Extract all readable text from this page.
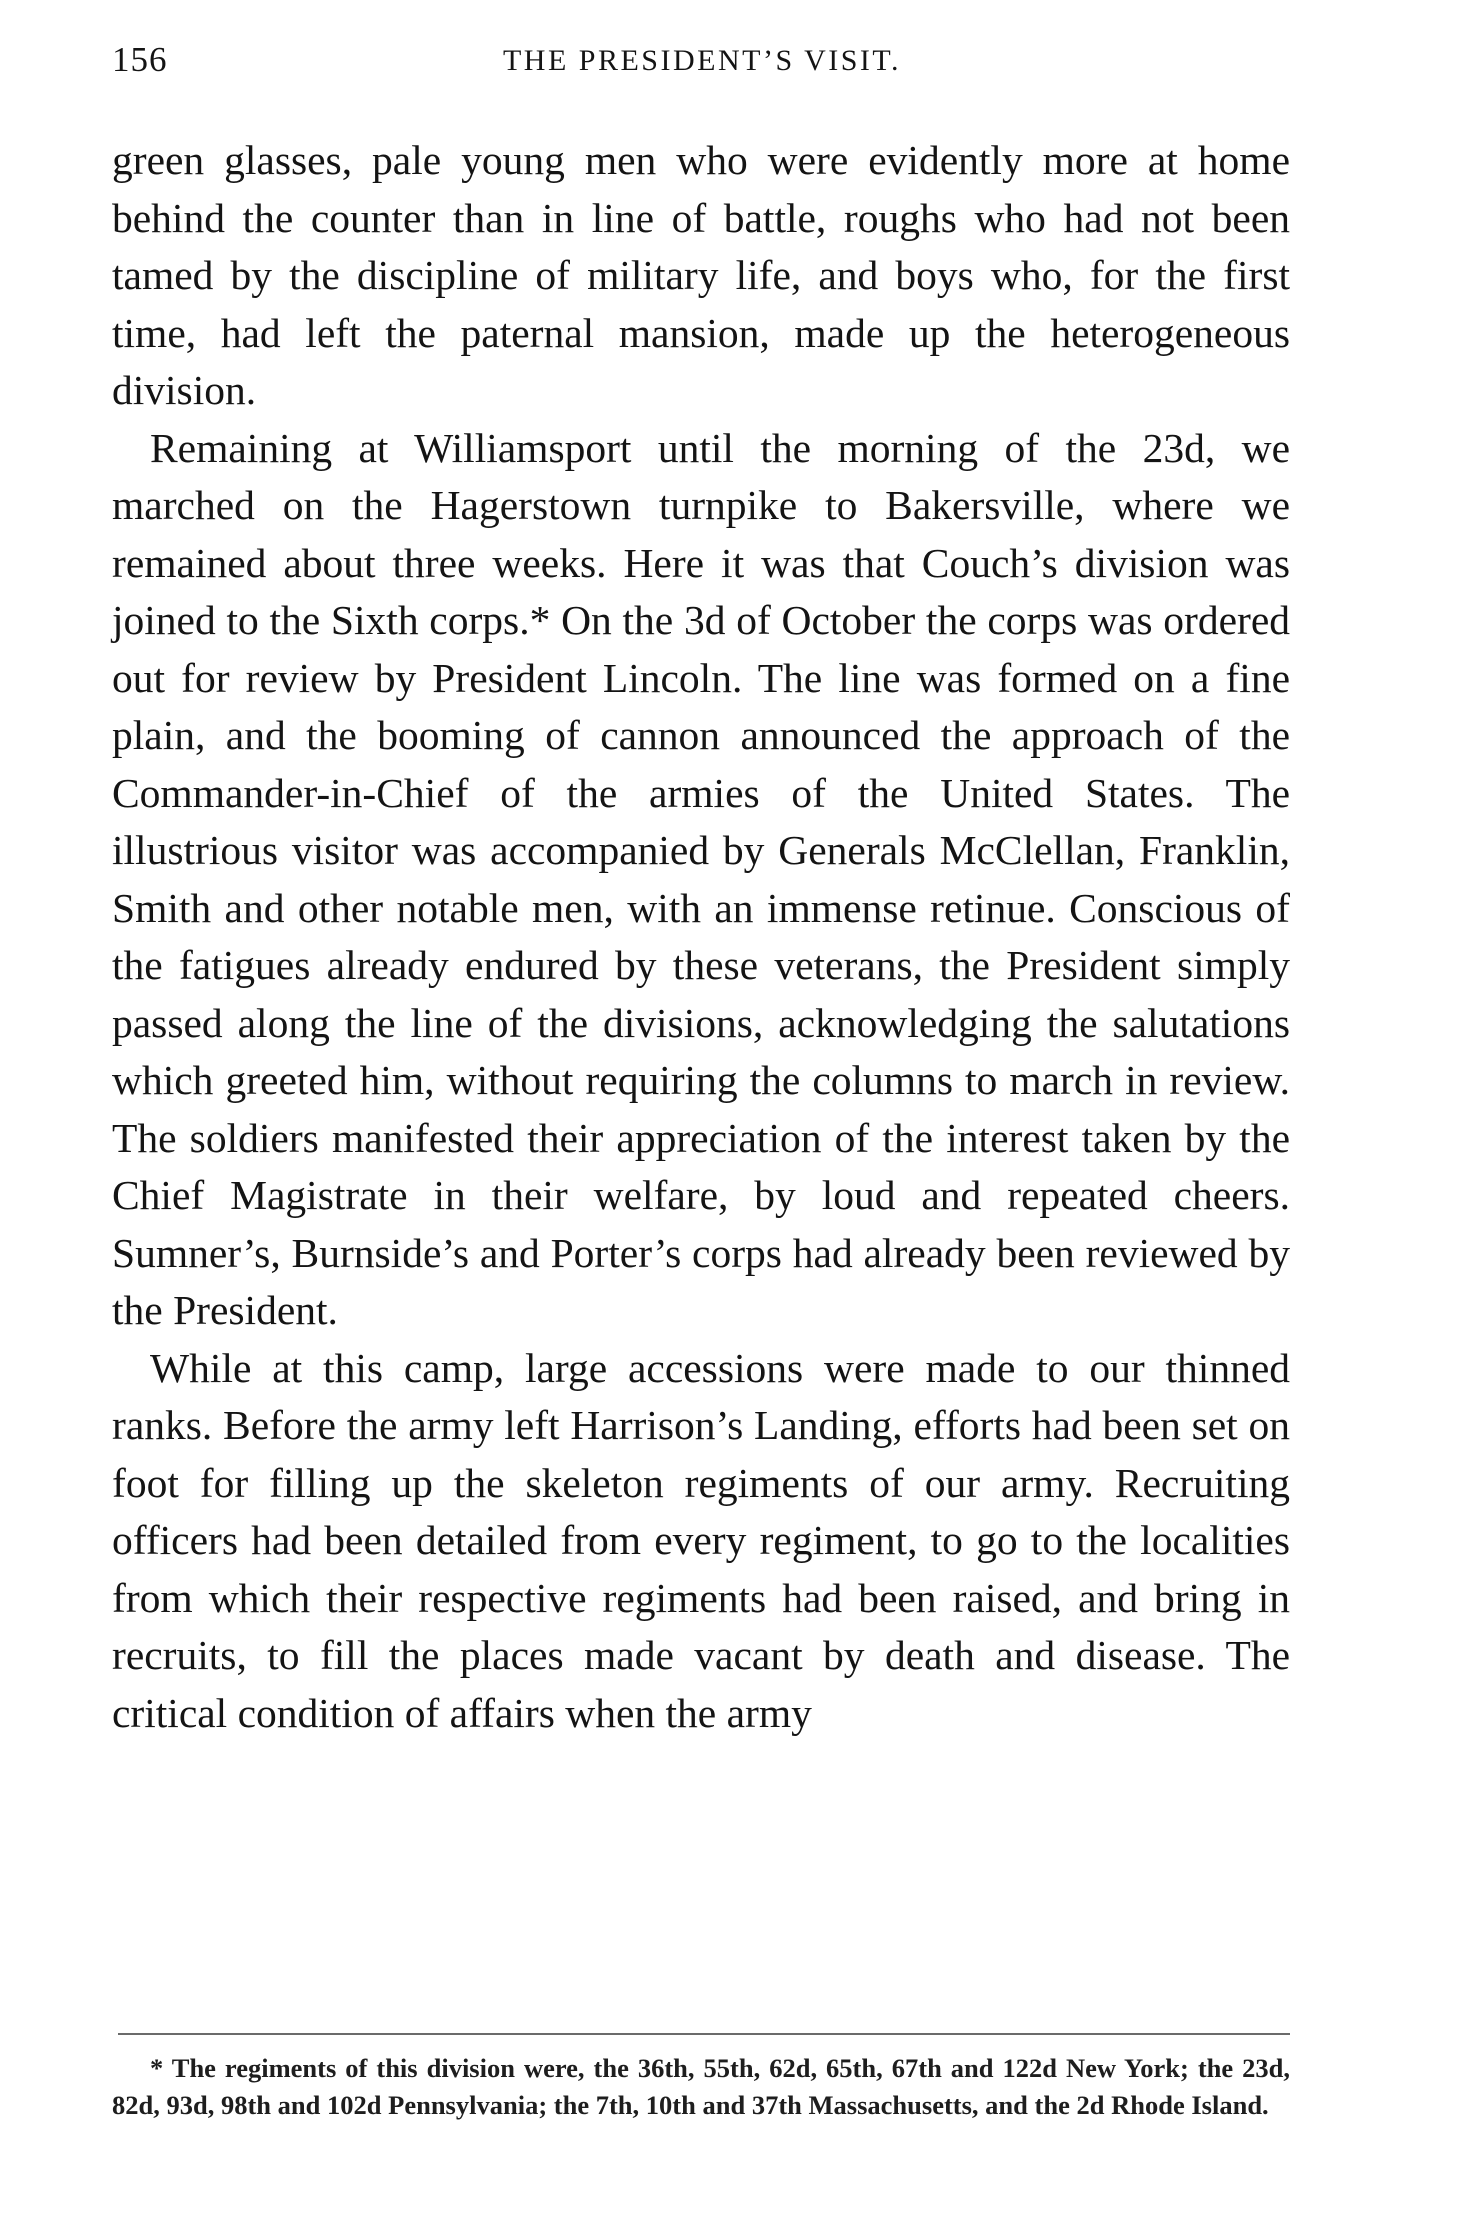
156	THE PRESIDENT’S VISIT.

green glasses, pale young men who were evidently more at home behind the counter than in line of battle, roughs who had not been tamed by the discipline of military life, and boys who, for the first time, had left the paternal mansion, made up the heterogeneous division.

Remaining at Williamsport until the morning of the 23d, we marched on the Hagerstown turnpike to Bakersville, where we remained about three weeks. Here it was that Couch’s division was joined to the Sixth corps.* On the 3d of October the corps was ordered out for review by President Lincoln. The line was formed on a fine plain, and the booming of cannon announced the approach of the Commander-in-Chief of the armies of the United States. The illustrious visitor was accompanied by Generals McClellan, Franklin, Smith and other notable men, with an immense retinue. Conscious of the fatigues already endured by these veterans, the President simply passed along the line of the divisions, acknowledging the salutations which greeted him, without requiring the columns to march in review. The soldiers manifested their appreciation of the interest taken by the Chief Magistrate in their welfare, by loud and repeated cheers. Sumner’s, Burnside’s and Porter’s corps had already been reviewed by the President.

While at this camp, large accessions were made to our thinned ranks. Before the army left Harrison’s Landing, efforts had been set on foot for filling up the skeleton regiments of our army. Recruiting officers had been detailed from every regiment, to go to the localities from which their respective regiments had been raised, and bring in recruits, to fill the places made vacant by death and disease. The critical condition of affairs when the army

* The regiments of this division were, the 36th, 55th, 62d, 65th, 67th and 122d New York; the 23d, 82d, 93d, 98th and 102d Pennsylvania; the 7th, 10th and 37th Massachusetts, and the 2d Rhode Island.
